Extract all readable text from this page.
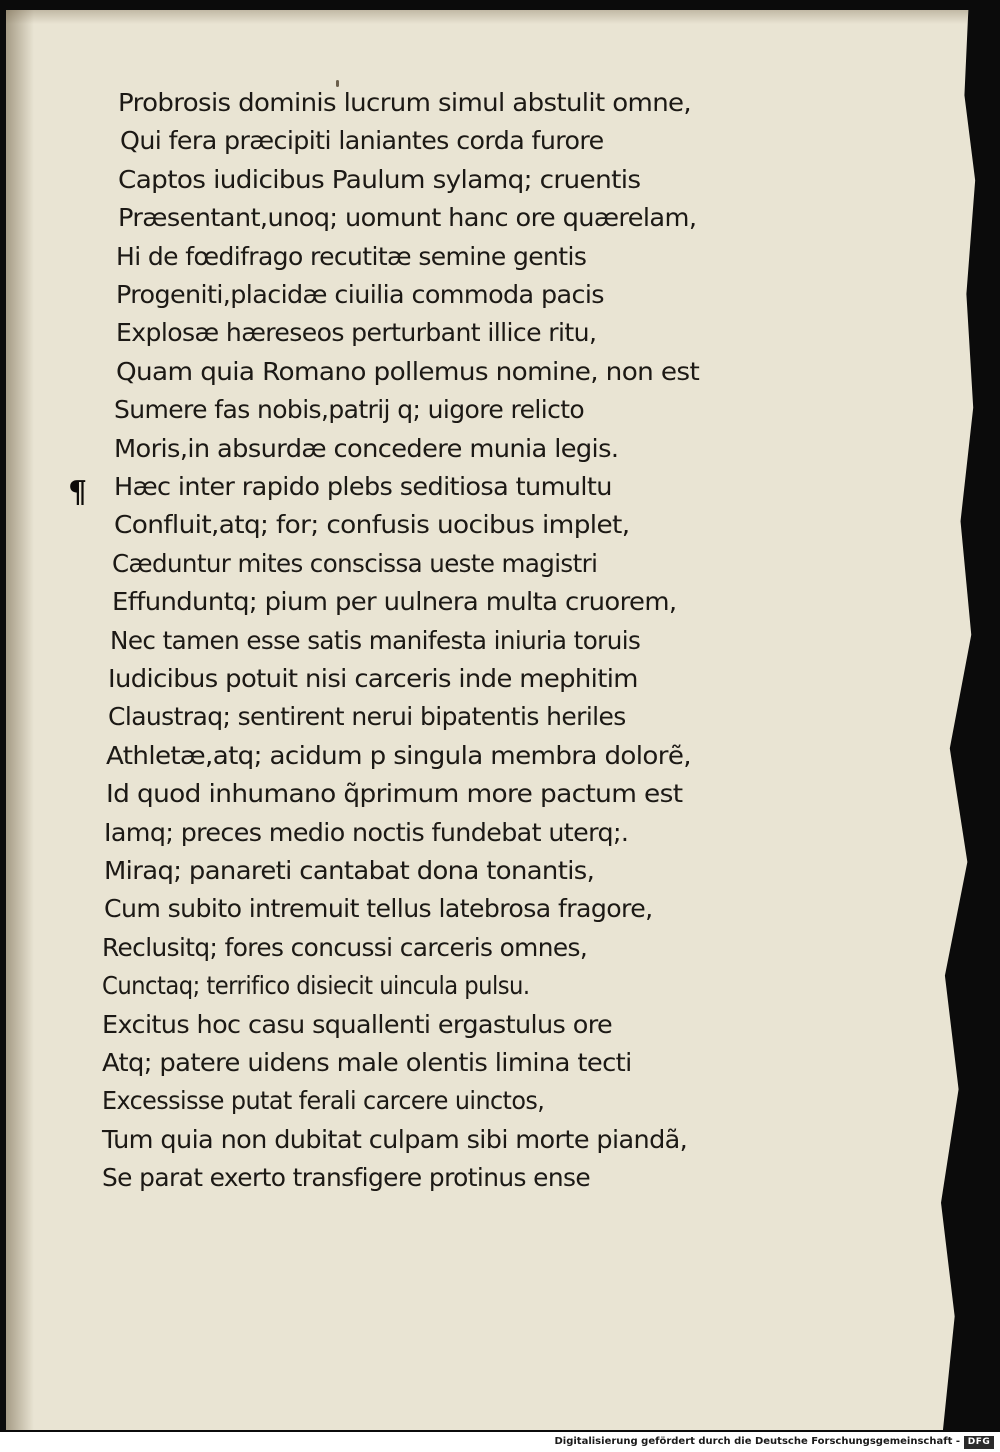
¶
Probrosis dominis lucrum simul abstulit omne,
Qui fera præcipiti laniantes corda furore
Captos iudicibus Paulum sylamq; cruentis
Præsentant,unoq; uomunt hanc ore quærelam,
Hi de fœdifrago recutitæ semine gentis
Progeniti,placidæ ciuilia commoda pacis
Explosæ hæreseos perturbant illice ritu,
Quam quia Romano pollemus nomine, non est
Sumere fas nobis,patrij q; uigore relicto
Moris,in absurdæ concedere munia legis.
Hæc inter rapido plebs seditiosa tumultu
Confluit,atq; for; confusis uocibus implet,
Cæduntur mites conscissa ueste magistri
Effunduntq; pium per uulnera multa cruorem,
Nec tamen esse satis manifesta iniuria toruis
Iudicibus potuit nisi carceris inde mephitim
Claustraq; sentirent nerui bipatentis heriles
Athletæ,atq; acidum p singula membra dolorẽ,
Id quod inhumano q̃primum more pactum est
Iamq; preces medio noctis fundebat uterq;.
Miraq; panareti cantabat dona tonantis,
Cum subito intremuit tellus latebrosa fragore,
Reclusitq; fores concussi carceris omnes,
Cunctaq; terrifico disiecit uincula pulsu.
Excitus hoc casu squallenti ergastulus ore
Atq; patere uidens male olentis limina tecti
Excessisse putat ferali carcere uinctos,
Tum quia non dubitat culpam sibi morte piandã,
Se parat exerto transfigere protinus ense
Digitalisierung gefördert durch die Deutsche Forschungsgemeinschaft - DFG
